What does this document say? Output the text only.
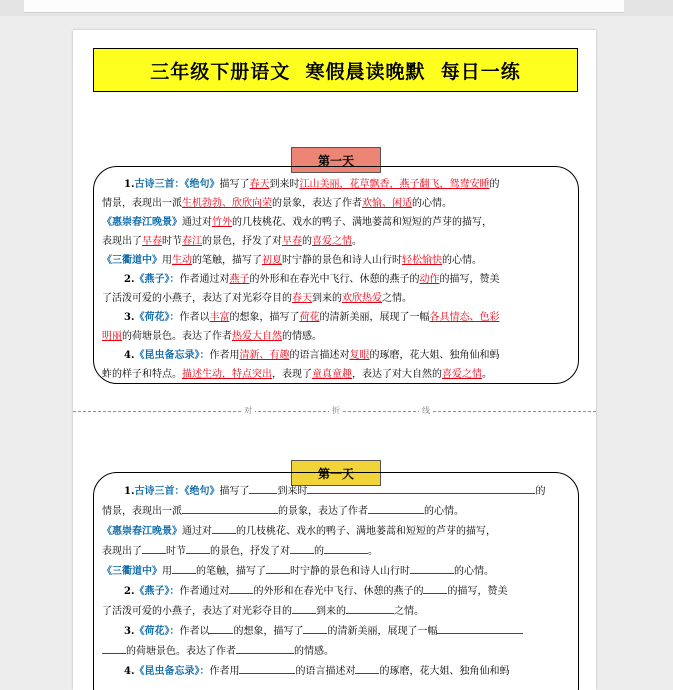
三年级下册语文  寒假晨读晚默  每日一练
第一天
1.古诗三首：《绝句》描写了春天到来时江山美丽，花草飘香，燕子翻飞，鸳鸯安睡的
情景，表现出一派生机勃勃、欣欣向荣的景象，表达了作者欢愉、闲适的心情。
《惠崇春江晚景》通过对竹外的几枝桃花、戏水的鸭子、满地蒌蒿和短短的芦芽的描写，
表现出了早春时节春江的景色，抒发了对早春的喜爱之情。
《三衢道中》用生动的笔触，描写了初夏时宁静的景色和诗人山行时轻松愉快的心情。
2.《燕子》：作者通过对燕子的外形和在春光中飞行、休憩的燕子的动作的描写，赞美
了活泼可爱的小燕子，表达了对光彩夺目的春天到来的欢欣热爱之情。
3.《荷花》：作者以丰富的想象，描写了荷花的清新美丽，展现了一幅各具情态、色彩
明丽的荷塘景色。表达了作者热爱大自然的情感。
4.《昆虫备忘录》：作者用清新、有趣的语言描述对复眼的琢磨，花大姐、独角仙和蚂
蚱的样子和特点。描述生动，特点突出，表现了童真童趣，表达了对大自然的喜爱之情。
对	折	线
第一天
1.古诗三首：《绝句》描写了	到来时	的
情景，表现出一派	的景象，表达了作者	的心情。
《惠崇春江晚景》通过对 的几枝桃花、戏水的鸭子、满地蒌蒿和短短的芦芽的描写，
表现出了 时节 的景色，抒发了对 的	。
《三衢道中》用 的笔触，描写了 时宁静的景色和诗人山行时	的心情。
2.《燕子》：作者通过对 的外形和在春光中飞行、休憩的燕子的 的描写，赞美
了活泼可爱的小燕子，表达了对光彩夺目的 到来的	之情。
3.《荷花》：作者以 的想象，描写了 的清新美丽，展现了一幅
的荷塘景色。表达了作者	的情感。
4.《昆虫备忘录》：作者用	的语言描述对 的琢磨，花大姐、独角仙和蚂
